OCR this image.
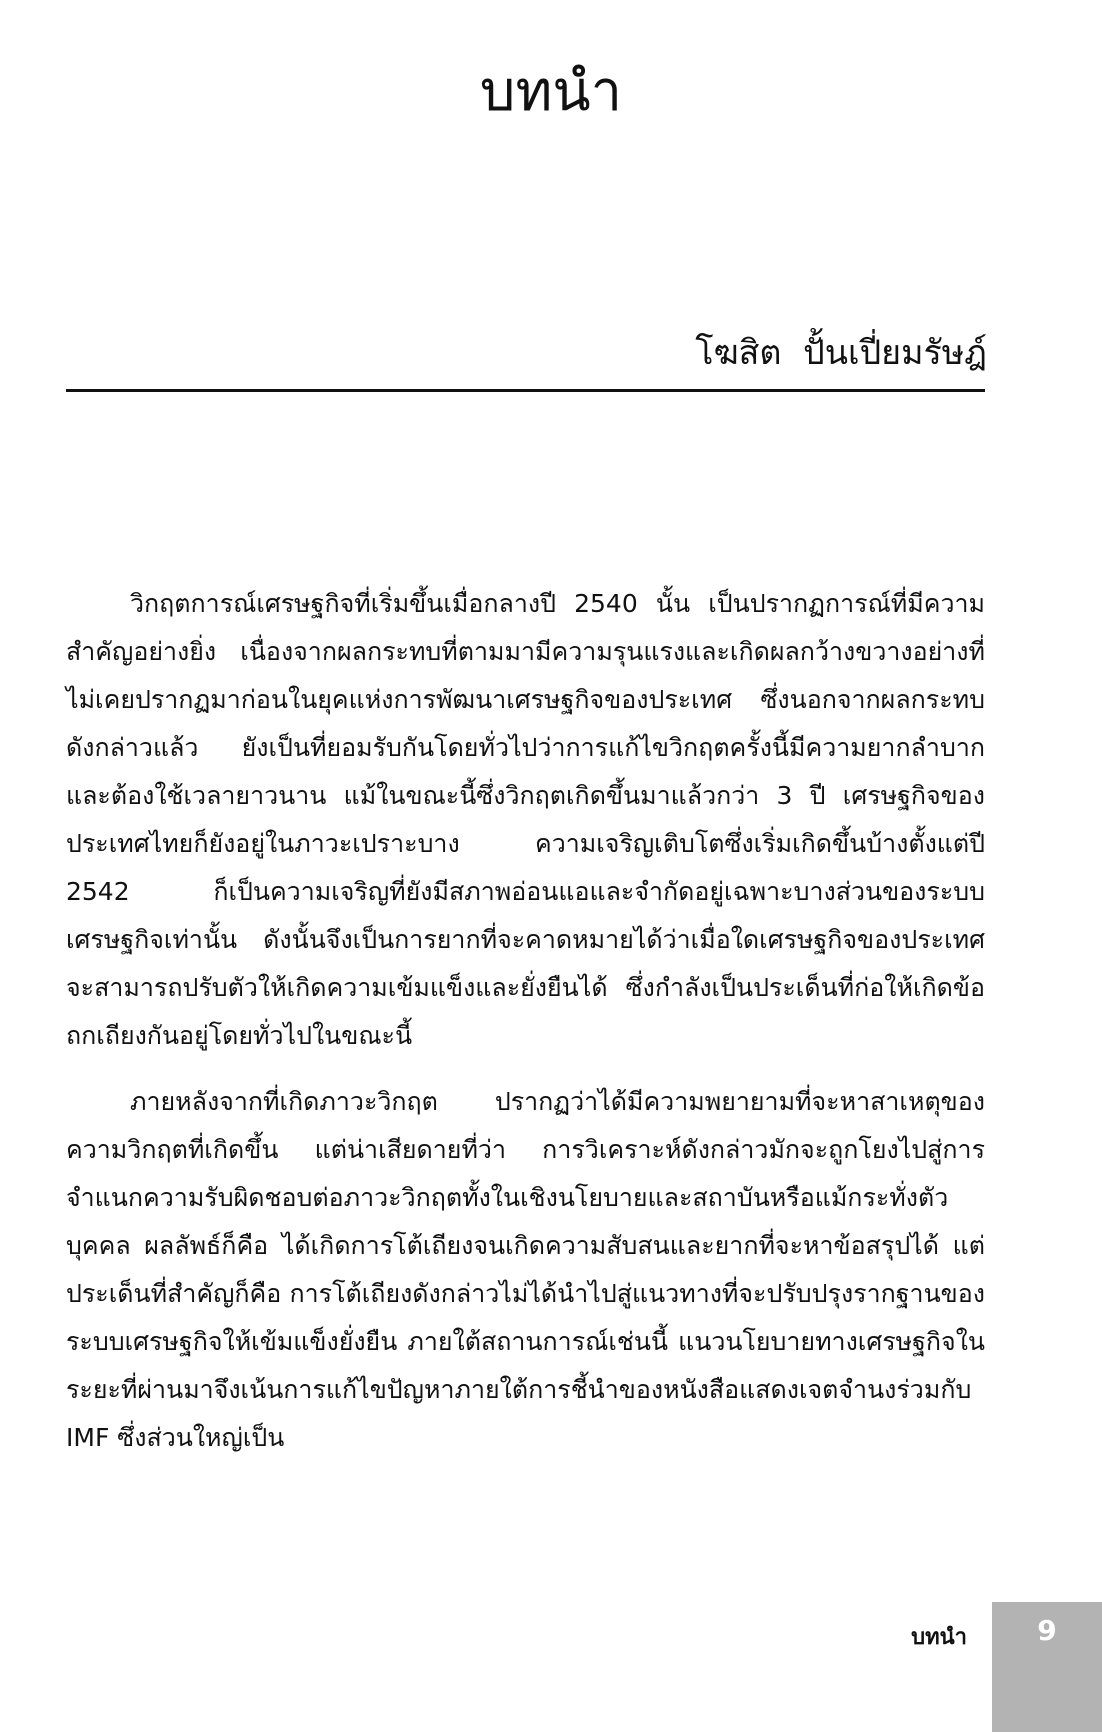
บทนำ
โฆสิต  ปั้นเปี่ยมรัษฎ์

วิกฤตการณ์เศรษฐกิจที่เริ่มขึ้นเมื่อกลางปี 2540 นั้น เป็นปรากฏการณ์ที่มีความสำคัญอย่างยิ่ง เนื่องจากผลกระทบที่ตามมามีความรุนแรงและเกิดผลกว้างขวางอย่างที่ไม่เคยปรากฏมาก่อนในยุคแห่งการพัฒนาเศรษฐกิจของประเทศ ซึ่งนอกจากผลกระทบดังกล่าวแล้ว ยังเป็นที่ยอมรับกันโดยทั่วไปว่าการแก้ไขวิกฤตครั้งนี้มีความยากลำบากและต้องใช้เวลายาวนาน แม้ในขณะนี้ซึ่งวิกฤตเกิดขึ้นมาแล้วกว่า 3 ปี เศรษฐกิจของประเทศไทยก็ยังอยู่ในภาวะเปราะบาง ความเจริญเติบโตซึ่งเริ่มเกิดขึ้นบ้างตั้งแต่ปี 2542 ก็เป็นความเจริญที่ยังมีสภาพอ่อนแอและจำกัดอยู่เฉพาะบางส่วนของระบบเศรษฐกิจเท่านั้น ดังนั้นจึงเป็นการยากที่จะคาดหมายได้ว่าเมื่อใดเศรษฐกิจของประเทศจะสามารถปรับตัวให้เกิดความเข้มแข็งและยั่งยืนได้ ซึ่งกำลังเป็นประเด็นที่ก่อให้เกิดข้อถกเถียงกันอยู่โดยทั่วไปในขณะนี้

ภายหลังจากที่เกิดภาวะวิกฤต ปรากฏว่าได้มีความพยายามที่จะหาสาเหตุของความวิกฤตที่เกิดขึ้น แต่น่าเสียดายที่ว่า การวิเคราะห์ดังกล่าวมักจะถูกโยงไปสู่การจำแนกความรับผิดชอบต่อภาวะวิกฤตทั้งในเชิงนโยบายและสถาบันหรือแม้กระทั่งตัวบุคคล ผลลัพธ์ก็คือ ได้เกิดการโต้เถียงจนเกิดความสับสนและยากที่จะหาข้อสรุปได้ แต่ประเด็นที่สำคัญก็คือ การโต้เถียงดังกล่าวไม่ได้นำไปสู่แนวทางที่จะปรับปรุงรากฐานของระบบเศรษฐกิจให้เข้มแข็งยั่งยืน ภายใต้สถานการณ์เช่นนี้ แนวนโยบายทางเศรษฐกิจในระยะที่ผ่านมาจึงเน้นการแก้ไขปัญหาภายใต้การชี้นำของหนังสือแสดงเจตจำนงร่วมกับ IMF ซึ่งส่วนใหญ่เป็น

บทนำ	9
